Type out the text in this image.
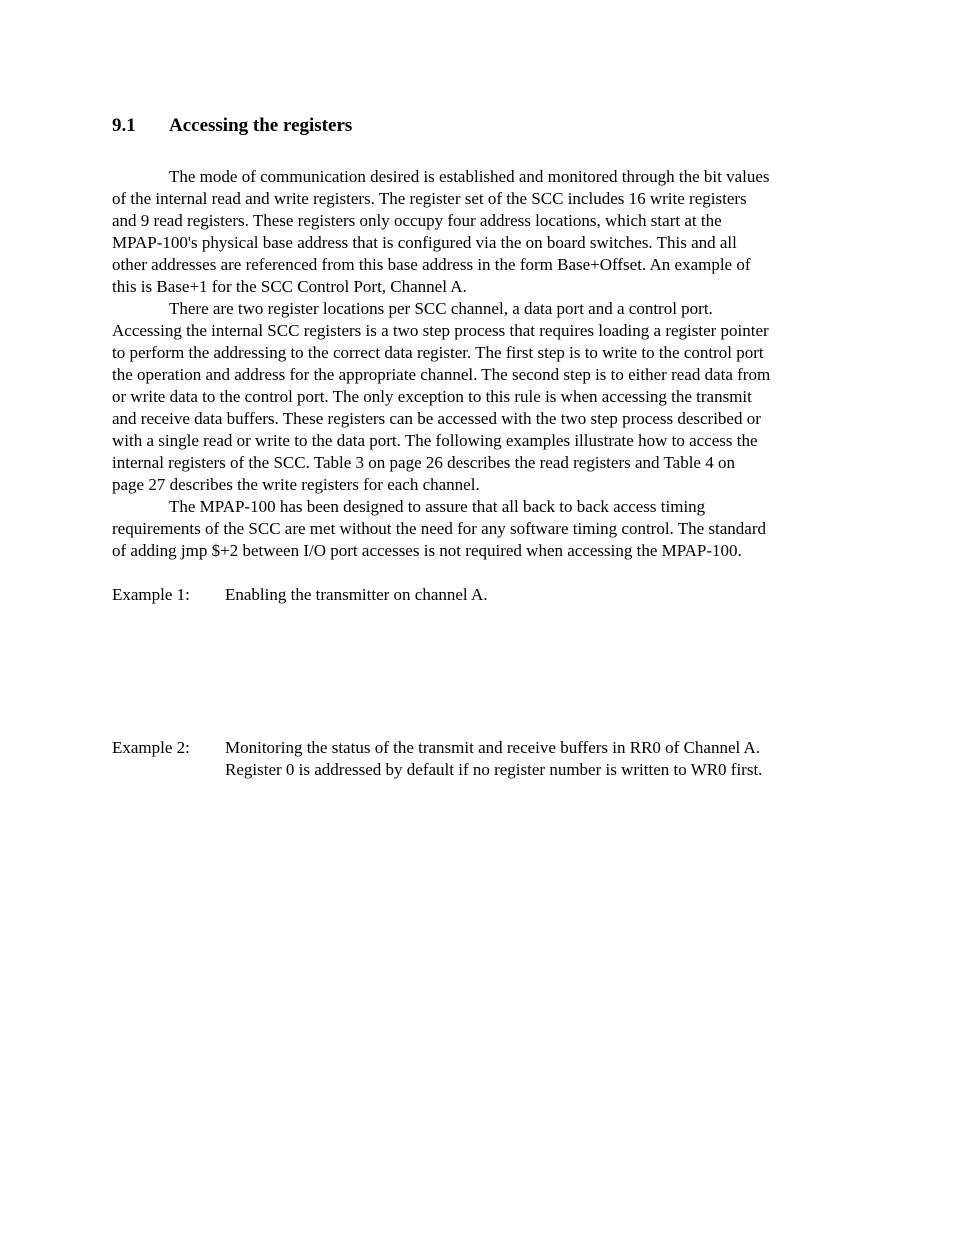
9.1 Accessing the registers

The mode of communication desired is established and monitored through the bit values
of the internal read and write registers. The register set of the SCC includes 16 write registers
and 9 read registers. These registers only occupy four address locations, which start at the
MPAP-100's physical base address that is configured via the on board switches. This and all
other addresses are referenced from this base address in the form Base+Offset. An example of
this is Base+1 for the SCC Control Port, Channel A.

There are two register locations per SCC channel, a data port and a control port.
Accessing the internal SCC registers is a two step process that requires loading a register pointer
to perform the addressing to the correct data register. The first step is to write to the control port
the operation and address for the appropriate channel. The second step is to either read data from
or write data to the control port. The only exception to this rule is when accessing the transmit
and receive data buffers. These registers can be accessed with the two step process described or
with a single read or write to the data port. The following examples illustrate how to access the
internal registers of the SCC. Table 3 on page 26 describes the read registers and Table 4 on
page 27 describes the write registers for each channel.

The MPAP-100 has been designed to assure that all back to back access timing
requirements of the SCC are met without the need for any software timing control. The standard
of adding jmp $+2 between I/O port accesses is not required when accessing the MPAP-100.

Example 1:	Enabling the transmitter on channel A.
Example 2:	Monitoring the status of the transmit and receive buffers in RR0 of Channel A.
Register 0 is addressed by default if no register number is written to WR0 first.
